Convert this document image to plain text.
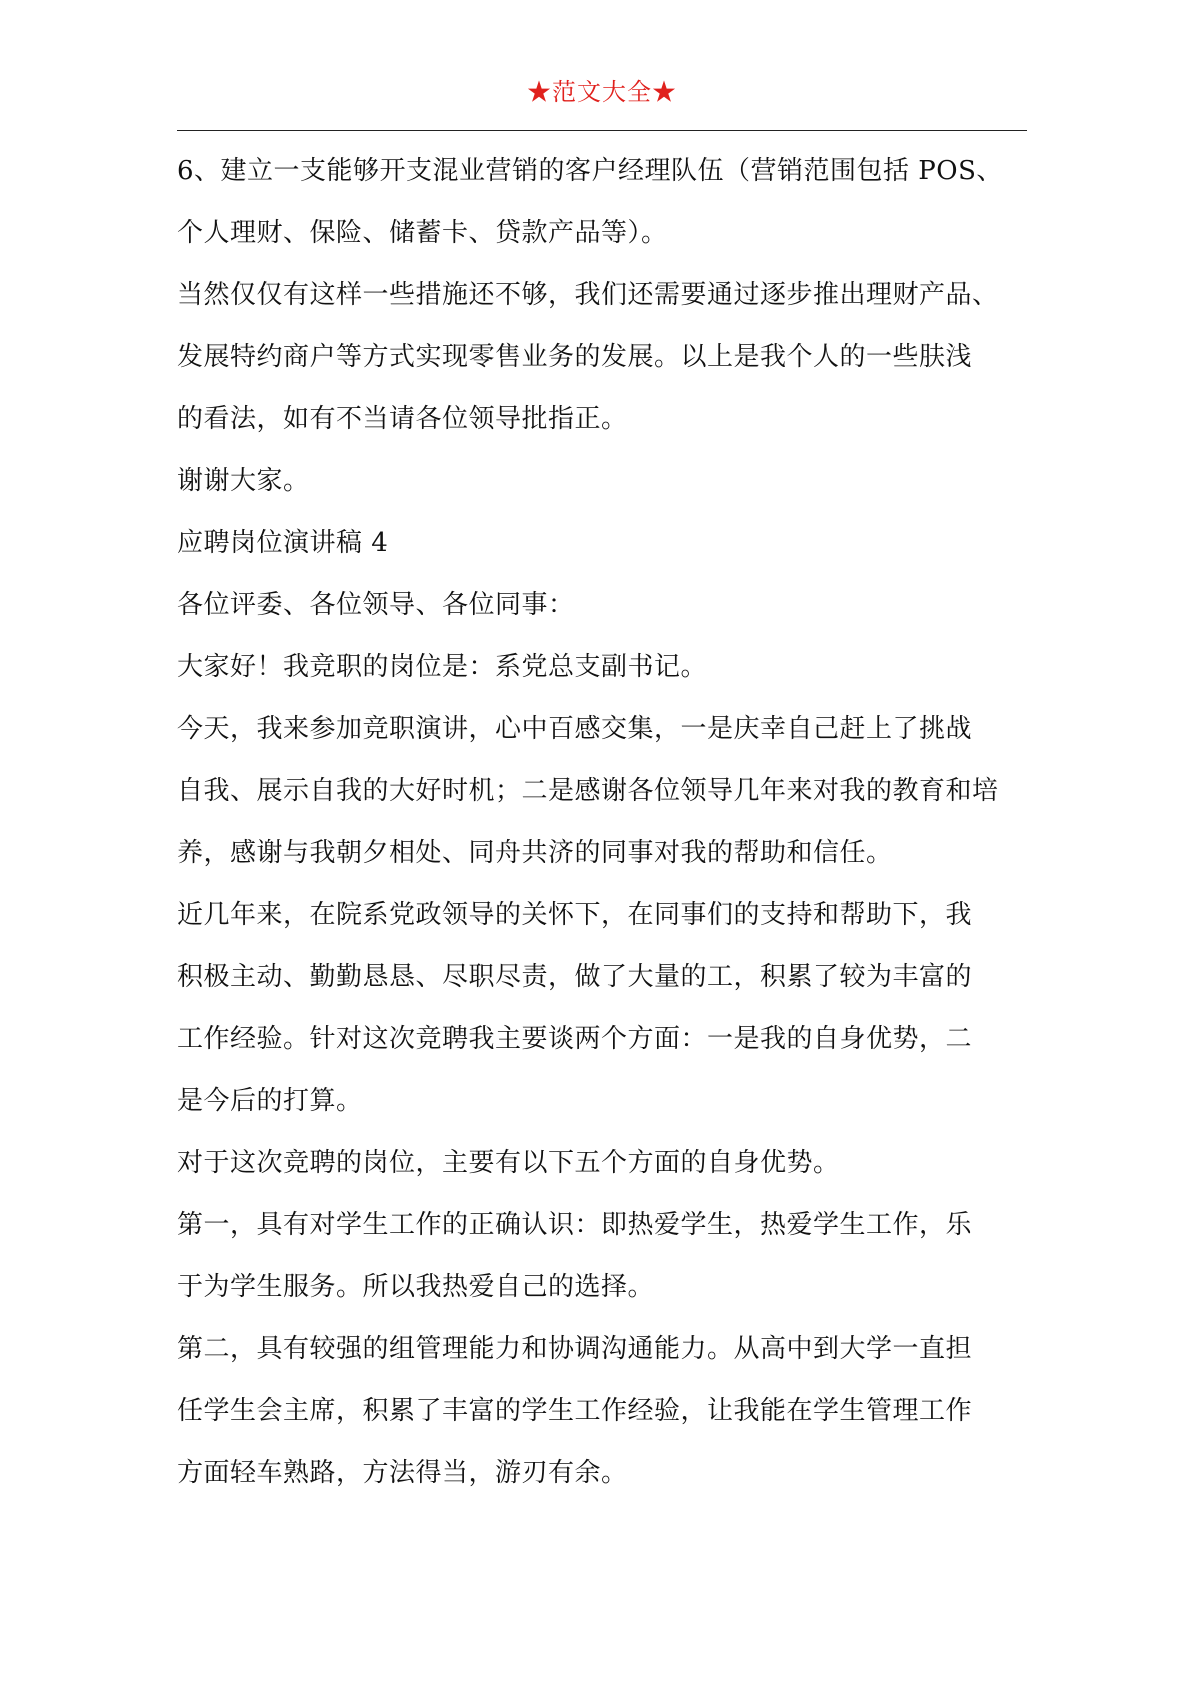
★范文大全★
6、建立一支能够开支混业营销的客户经理队伍（营销范围包括 POS、
个人理财、保险、储蓄卡、贷款产品等）。
当然仅仅有这样一些措施还不够，我们还需要通过逐步推出理财产品、
发展特约商户等方式实现零售业务的发展。以上是我个人的一些肤浅
的看法，如有不当请各位领导批指正。
谢谢大家。
应聘岗位演讲稿 4
各位评委、各位领导、各位同事：
大家好！我竞职的岗位是：系党总支副书记。
今天，我来参加竞职演讲，心中百感交集，一是庆幸自己赶上了挑战
自我、展示自我的大好时机；二是感谢各位领导几年来对我的教育和培
养，感谢与我朝夕相处、同舟共济的同事对我的帮助和信任。
近几年来，在院系党政领导的关怀下，在同事们的支持和帮助下，我
积极主动、勤勤恳恳、尽职尽责，做了大量的工，积累了较为丰富的
工作经验。针对这次竞聘我主要谈两个方面：一是我的自身优势，二
是今后的打算。
对于这次竞聘的岗位，主要有以下五个方面的自身优势。
第一，具有对学生工作的正确认识：即热爱学生，热爱学生工作，乐
于为学生服务。所以我热爱自己的选择。
第二，具有较强的组管理能力和协调沟通能力。从高中到大学一直担
任学生会主席，积累了丰富的学生工作经验，让我能在学生管理工作
方面轻车熟路，方法得当，游刃有余。
